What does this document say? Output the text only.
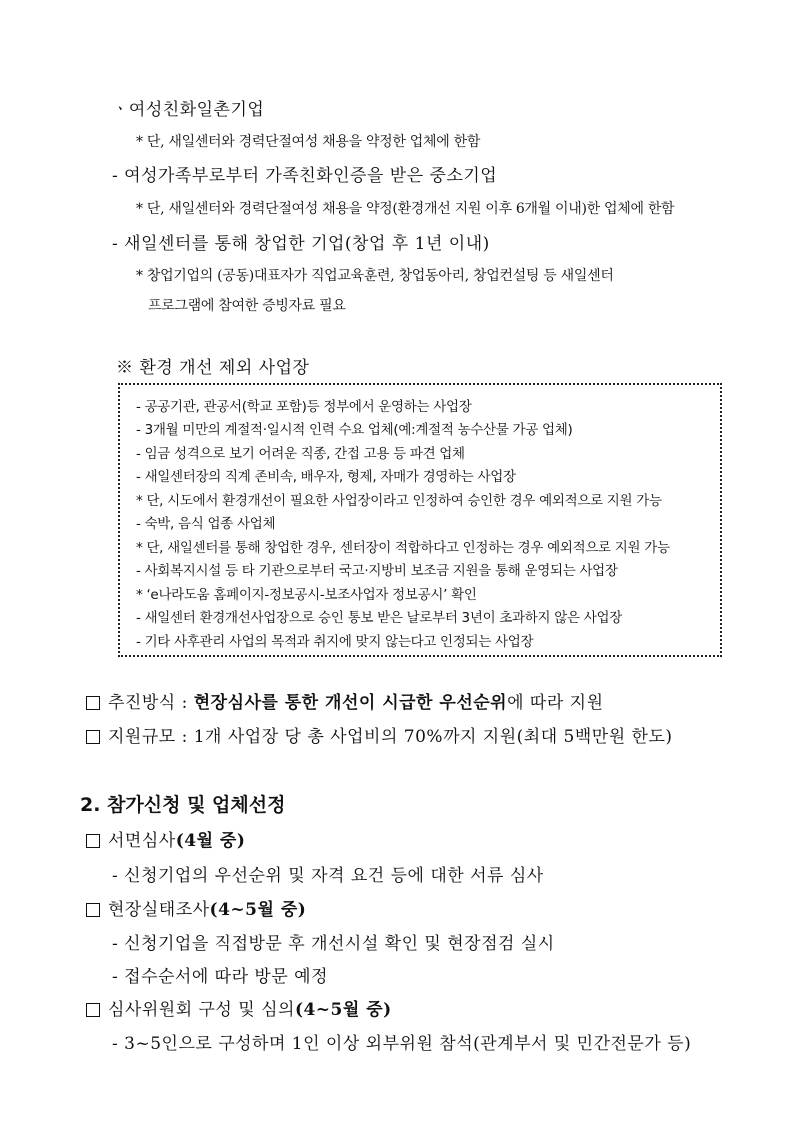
ㆍ여성친화일촌기업
* 단, 새일센터와 경력단절여성 채용을 약정한 업체에 한함
- 여성가족부로부터 가족친화인증을 받은 중소기업
* 단, 새일센터와 경력단절여성 채용을 약정(환경개선 지원 이후 6개월 이내)한 업체에 한함
- 새일센터를 통해 창업한 기업(창업 후 1년 이내)
* 창업기업의 (공동)대표자가 직업교육훈련, 창업동아리, 창업컨설팅 등 새일센터
프로그램에 참여한 증빙자료 필요
※ 환경 개선 제외 사업장
- 공공기관, 관공서(학교 포함)등 정부에서 운영하는 사업장
- 3개월 미만의 계절적·일시적 인력 수요 업체(예:계절적 농수산물 가공 업체)
- 임금 성격으로 보기 어려운 직종, 간접 고용 등 파견 업체
- 새일센터장의 직계 존비속, 배우자, 형제, 자매가 경영하는 사업장
* 단, 시도에서 환경개선이 필요한 사업장이라고 인정하여 승인한 경우 예외적으로 지원 가능
- 숙박, 음식 업종 사업체
* 단, 새일센터를 통해 창업한 경우, 센터장이 적합하다고 인정하는 경우 예외적으로 지원 가능
- 사회복지시설 등 타 기관으로부터 국고·지방비 보조금 지원을 통해 운영되는 사업장
* ‘e나라도움 홈페이지-정보공시-보조사업자 정보공시’ 확인
- 새일센터 환경개선사업장으로 승인 통보 받은 날로부터 3년이 초과하지 않은 사업장
- 기타 사후관리 사업의 목적과 취지에 맞지 않는다고 인정되는 사업장
추진방식 : 현장심사를 통한 개선이 시급한 우선순위에 따라 지원
지원규모 : 1개 사업장 당 총 사업비의 70%까지 지원(최대 5백만원 한도)
2. 참가신청 및 업체선정
서면심사(4월 중)
- 신청기업의 우선순위 및 자격 요건 등에 대한 서류 심사
현장실태조사(4~5월 중)
- 신청기업을 직접방문 후 개선시설 확인 및 현장점검 실시
- 접수순서에 따라 방문 예정
심사위원회 구성 및 심의(4~5월 중)
- 3~5인으로 구성하며 1인 이상 외부위원 참석(관계부서 및 민간전문가 등)
